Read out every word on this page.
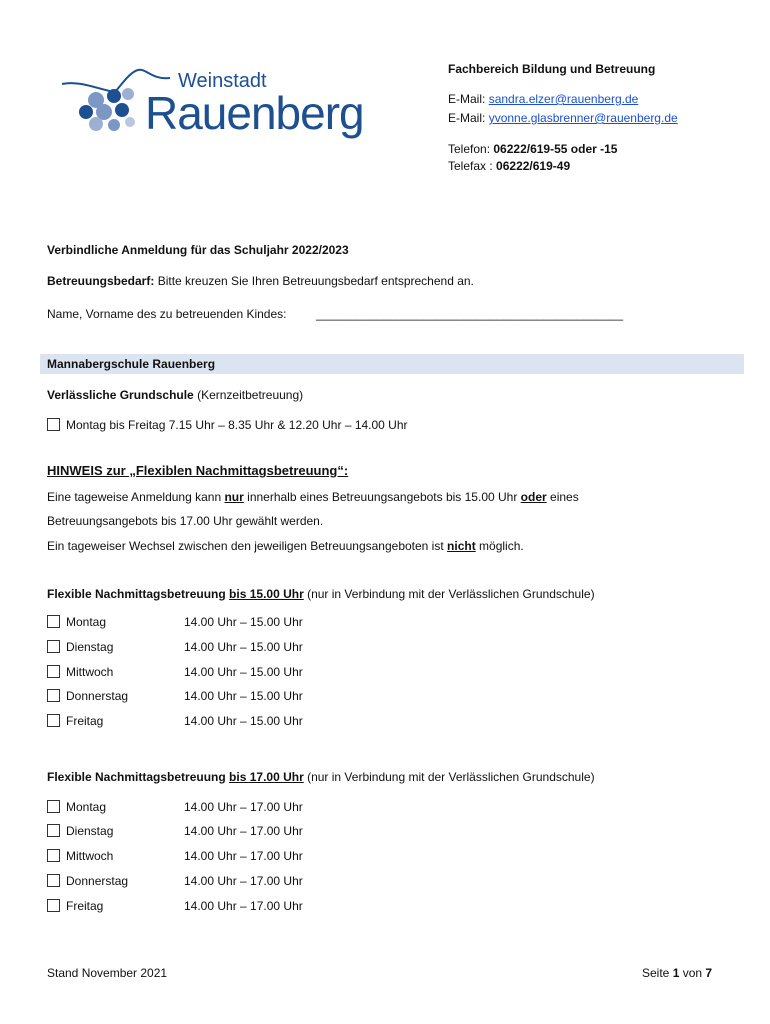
Weinstadt
Rauenberg
Fachbereich Bildung und Betreuung
E-Mail: sandra.elzer@rauenberg.de
E-Mail: yvonne.glasbrenner@rauenberg.de
Telefon: 06222/619-55 oder -15
Telefax : 06222/619-49
Verbindliche Anmeldung für das Schuljahr 2022/2023
Betreuungsbedarf: Bitte kreuzen Sie Ihren Betreuungsbedarf entsprechend an.
Name, Vorname des zu betreuenden Kindes: ______________________________________________
Mannabergschule Rauenberg
Verlässliche Grundschule (Kernzeitbetreuung)
Montag bis Freitag 7.15 Uhr – 8.35 Uhr & 12.20 Uhr – 14.00 Uhr
HINWEIS zur „Flexiblen Nachmittagsbetreuung“:
Eine tageweise Anmeldung kann nur innerhalb eines Betreuungsangebots bis 15.00 Uhr oder eines
Betreuungsangebots bis 17.00 Uhr gewählt werden.
Ein tageweiser Wechsel zwischen den jeweiligen Betreuungsangeboten ist nicht möglich.
Flexible Nachmittagsbetreuung bis 15.00 Uhr (nur in Verbindung mit der Verlässlichen Grundschule)
Montag	14.00 Uhr – 15.00 Uhr
Dienstag	14.00 Uhr – 15.00 Uhr
Mittwoch	14.00 Uhr – 15.00 Uhr
Donnerstag	14.00 Uhr – 15.00 Uhr
Freitag	14.00 Uhr – 15.00 Uhr
Flexible Nachmittagsbetreuung bis 17.00 Uhr (nur in Verbindung mit der Verlässlichen Grundschule)
Montag	14.00 Uhr – 17.00 Uhr
Dienstag	14.00 Uhr – 17.00 Uhr
Mittwoch	14.00 Uhr – 17.00 Uhr
Donnerstag	14.00 Uhr – 17.00 Uhr
Freitag	14.00 Uhr – 17.00 Uhr
Stand November 2021	Seite 1 von 7
